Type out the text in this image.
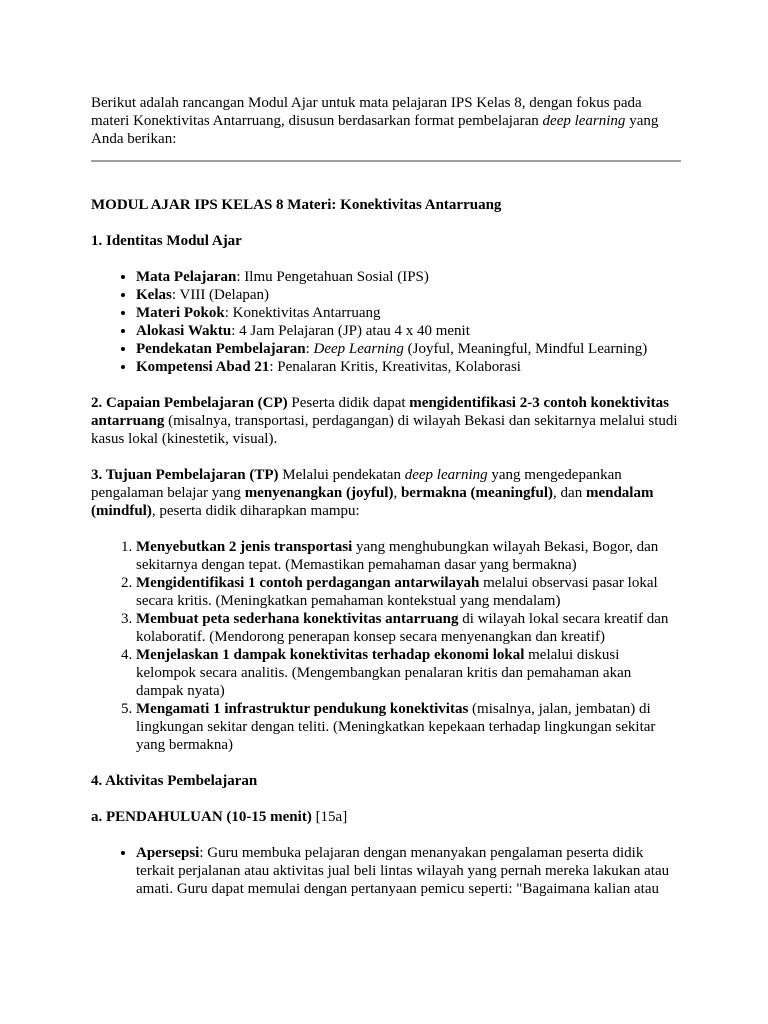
Berikut adalah rancangan Modul Ajar untuk mata pelajaran IPS Kelas 8, dengan fokus pada materi Konektivitas Antarruang, disusun berdasarkan format pembelajaran deep learning yang Anda berikan:

MODUL AJAR IPS KELAS 8 Materi: Konektivitas Antarruang

1. Identitas Modul Ajar

• Mata Pelajaran: Ilmu Pengetahuan Sosial (IPS)
• Kelas: VIII (Delapan)
• Materi Pokok: Konektivitas Antarruang
• Alokasi Waktu: 4 Jam Pelajaran (JP) atau 4 x 40 menit
• Pendekatan Pembelajaran: Deep Learning (Joyful, Meaningful, Mindful Learning)
• Kompetensi Abad 21: Penalaran Kritis, Kreativitas, Kolaborasi

2. Capaian Pembelajaran (CP) Peserta didik dapat mengidentifikasi 2-3 contoh konektivitas antarruang (misalnya, transportasi, perdagangan) di wilayah Bekasi dan sekitarnya melalui studi kasus lokal (kinestetik, visual).

3. Tujuan Pembelajaran (TP) Melalui pendekatan deep learning yang mengedepankan pengalaman belajar yang menyenangkan (joyful), bermakna (meaningful), dan mendalam (mindful), peserta didik diharapkan mampu:

1. Menyebutkan 2 jenis transportasi yang menghubungkan wilayah Bekasi, Bogor, dan sekitarnya dengan tepat. (Memastikan pemahaman dasar yang bermakna)
2. Mengidentifikasi 1 contoh perdagangan antarwilayah melalui observasi pasar lokal secara kritis. (Meningkatkan pemahaman kontekstual yang mendalam)
3. Membuat peta sederhana konektivitas antarruang di wilayah lokal secara kreatif dan kolaboratif. (Mendorong penerapan konsep secara menyenangkan dan kreatif)
4. Menjelaskan 1 dampak konektivitas terhadap ekonomi lokal melalui diskusi kelompok secara analitis. (Mengembangkan penalaran kritis dan pemahaman akan dampak nyata)
5. Mengamati 1 infrastruktur pendukung konektivitas (misalnya, jalan, jembatan) di lingkungan sekitar dengan teliti. (Meningkatkan kepekaan terhadap lingkungan sekitar yang bermakna)

4. Aktivitas Pembelajaran

a. PENDAHULUAN (10-15 menit) [15a]

• Apersepsi: Guru membuka pelajaran dengan menanyakan pengalaman peserta didik terkait perjalanan atau aktivitas jual beli lintas wilayah yang pernah mereka lakukan atau amati. Guru dapat memulai dengan pertanyaan pemicu seperti: "Bagaimana kalian atau
